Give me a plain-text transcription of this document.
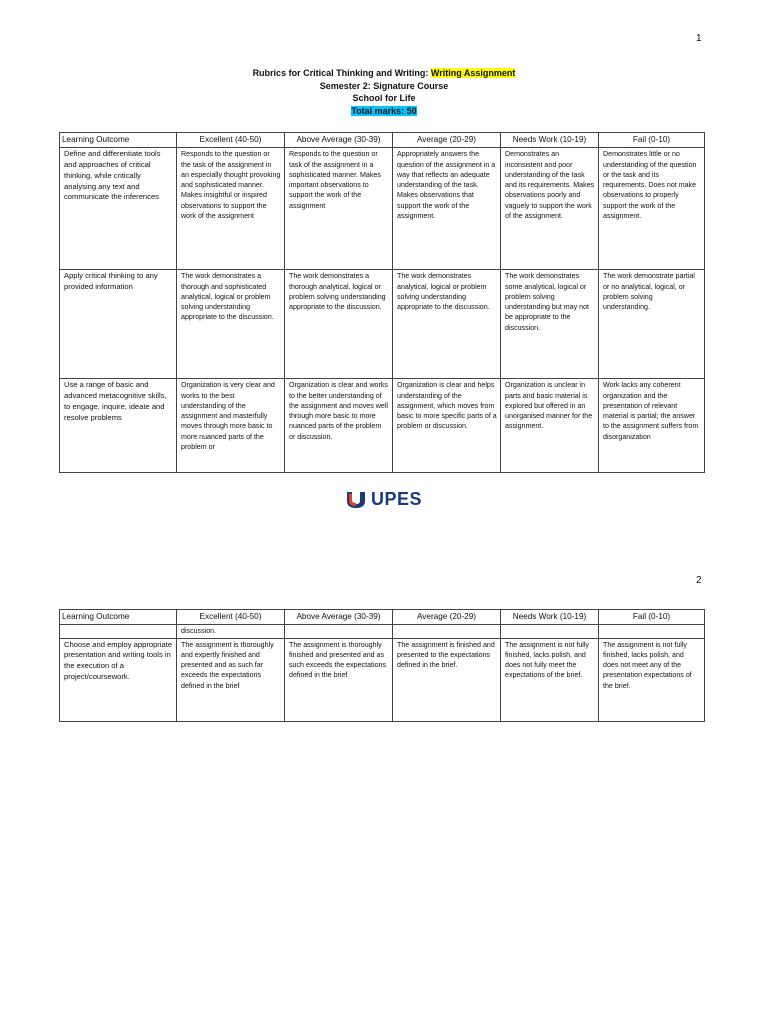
1
Rubrics for Critical Thinking and Writing: Writing Assignment
Semester 2: Signature Course
School for Life
Total marks: 50
Learning Outcome	Excellent (40-50)	Above Average (30-39)	Average (20-29)	Needs Work (10-19)	Fail (0-10)
Define and differentiate tools and approaches of critical thinking, while critically analysing any text and communicate the inferences	Responds to the question or the task of the assignment in an especially thought provoking and sophisticated manner. Makes insightful or inspired observations to support the work of the assignment	Responds to the question or task of the assignment in a sophisticated manner. Makes important observations to support the work of the assignment	Appropriately answers the question of the assignment in a way that reflects an adequate understanding of the task. Makes observations that support the work of the assignment.	Demonstrates an inconsistent and poor understanding of the task and its requirements. Makes observations poorly and vaguely to support the work of the assignment.	Demonstrates little or no understanding of the question or the task and its requirements. Does not make observations to properly support the work of the assignment.
Apply critical thinking to any provided information	The work demonstrates a thorough and sophisticated analytical, logical or problem solving understanding appropriate to the discussion.	The work demonstrates a thorough analytical, logical or problem solving understanding appropriate to the discussion.	The work demonstrates analytical, logical or problem solving understanding appropriate to the discussion.	The work demonstrates some analytical, logical or problem solving understanding but may not be appropriate to the discussion.	The work demonstrate partial or no analytical, logical, or problem solving understanding.
Use a range of basic and advanced metacognitive skills, to engage, inquire, ideate and resolve problems	Organization is very clear and works to the best understanding of the assignment and masterfully moves through more basic to more nuanced parts of the problem or	Organization is clear and works to the better understanding of the assignment and moves well through more basic to more nuanced parts of the problem or discussion.	Organization is clear and helps understanding of the assignment, which moves from basic to more specific parts of a problem or discussion.	Organization is unclear in parts and basic material is explored but offered in an unorganised manner for the assignment.	Work lacks any coherent organization and the presentation of relevant material is partial; the answer to the assignment suffers from disorganization
UPES
2
Learning Outcome	Excellent (40-50)	Above Average (30-39)	Average (20-29)	Needs Work (10-19)	Fail (0-10)
	discussion.				
Choose and employ appropriate presentation and writing tools in the execution of a project/coursework.	The assignment is thoroughly and expertly finished and presented and as such far exceeds the expectations defined in the brief	The assignment is thoroughly finished and presented and as such exceeds the expectations defined in the brief	The assignment is finished and presented to the expectations defined in the brief.	The assignment is not fully finished, lacks polish, and does not fully meet the expectations of the brief.	The assignment is not fully finished, lacks polish, and does not meet any of the presentation expectations of the brief.
